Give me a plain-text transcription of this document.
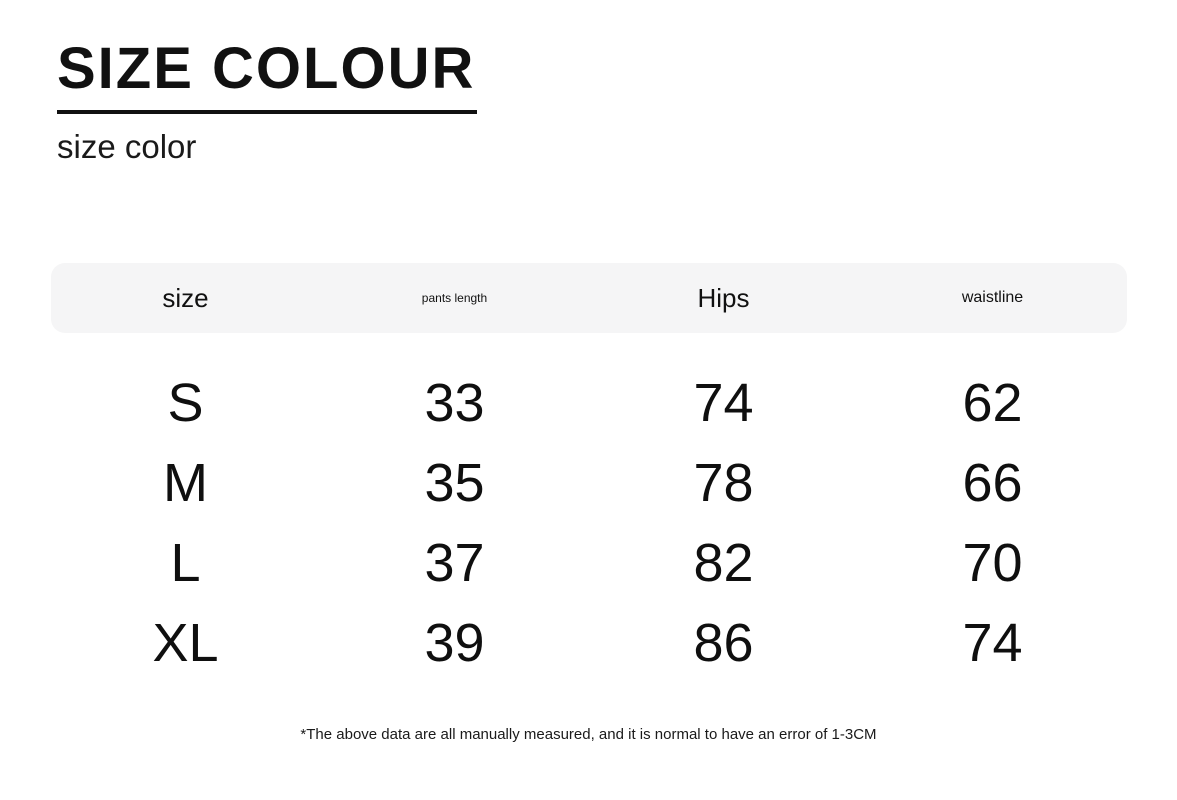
SIZE COLOUR
size color
size	pants length	Hips	waistline
S	33	74	62
M	35	78	66
L	37	82	70
XL	39	86	74
*The above data are all manually measured, and it is normal to have an error of 1-3CM
